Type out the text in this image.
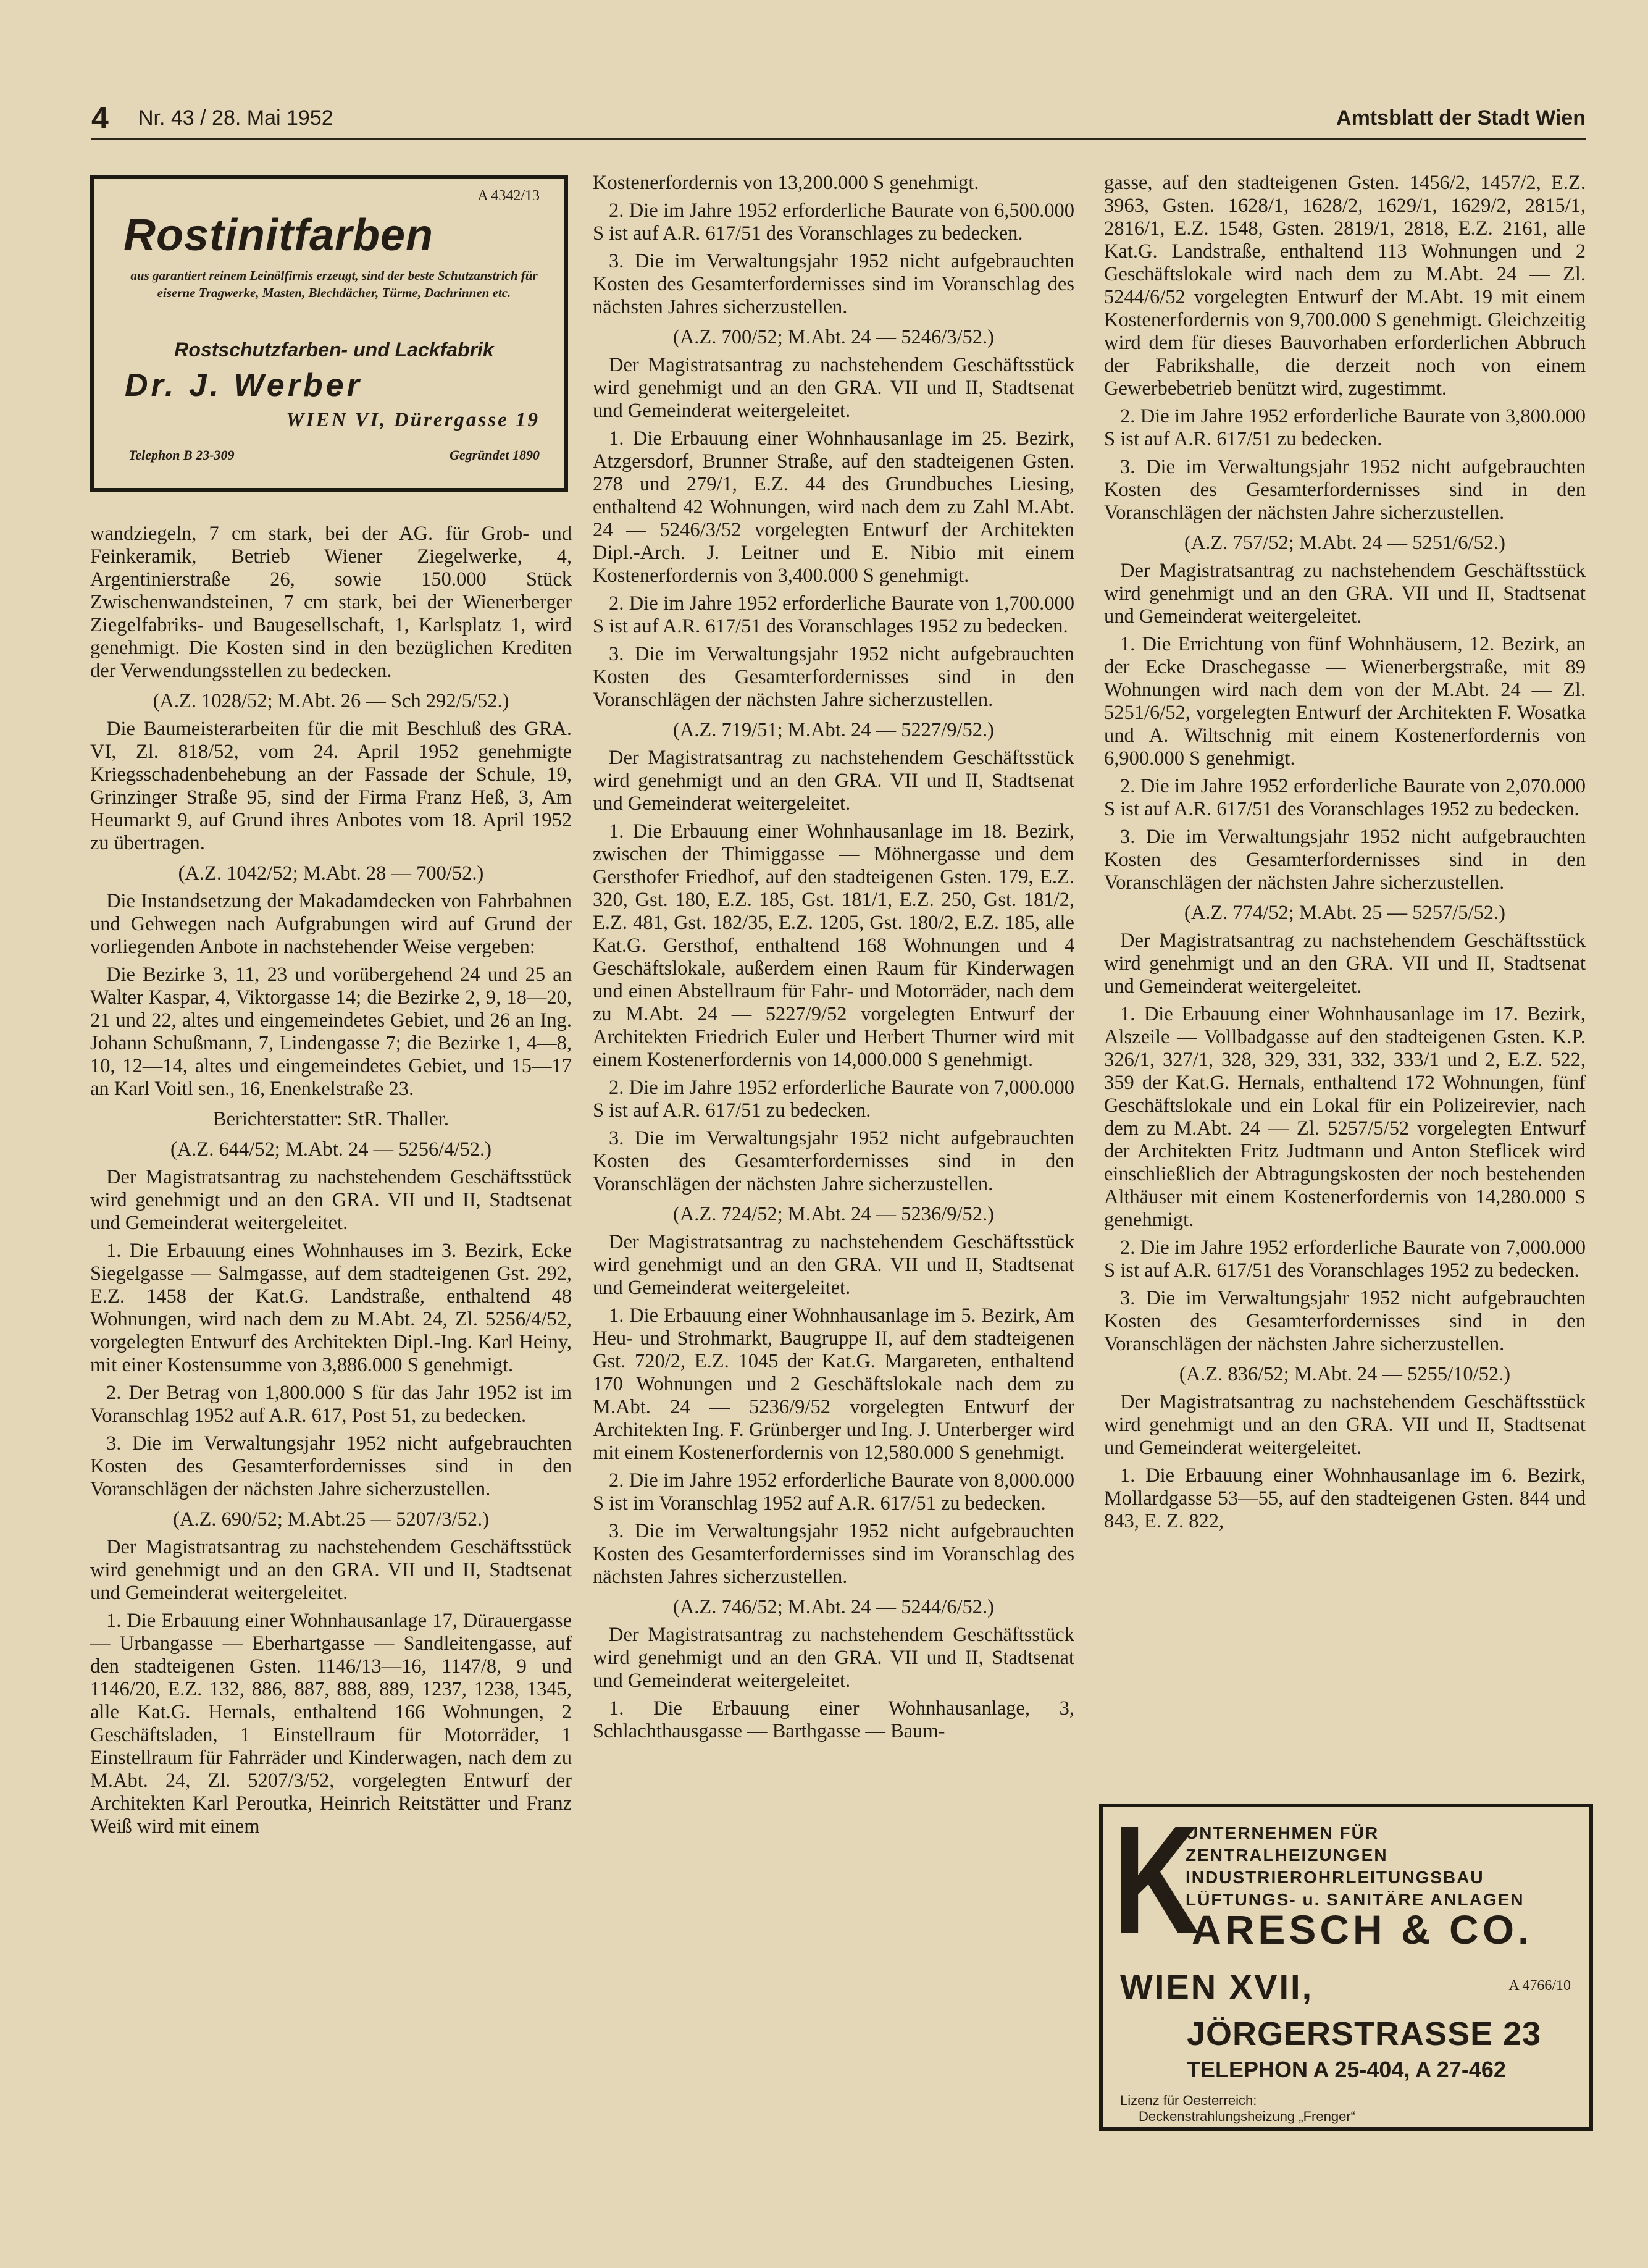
4 Nr. 43 / 28. Mai 1952	Amtsblatt der Stadt Wien
A 4342/13
Rostinitfarben
aus garantiert reinem Leinölfirnis erzeugt, sind der beste Schutzanstrich für eiserne Tragwerke, Masten, Blechdächer, Türme, Dachrinnen etc.
Rostschutzfarben- und Lackfabrik
Dr. J. Werber
WIEN VI, Dürergasse 19
Telephon B 23-309	Gegründet 1890

wandziegeln, 7 cm stark, bei der AG. für Grob- und Feinkeramik, Betrieb Wiener Ziegelwerke, 4, Argentinierstraße 26, sowie 150.000 Stück Zwischenwandsteinen, 7 cm stark, bei der Wienerberger Ziegelfabriks- und Baugesellschaft, 1, Karlsplatz 1, wird genehmigt. Die Kosten sind in den bezüglichen Krediten der Verwendungsstellen zu bedecken.

(A.Z. 1028/52; M.Abt. 26 — Sch 292/5/52.)

Die Baumeisterarbeiten für die mit Beschluß des GRA. VI, Zl. 818/52, vom 24. April 1952 genehmigte Kriegsschadenbehebung an der Fassade der Schule, 19, Grinzinger Straße 95, sind der Firma Franz Heß, 3, Am Heumarkt 9, auf Grund ihres Anbotes vom 18. April 1952 zu übertragen.

(A.Z. 1042/52; M.Abt. 28 — 700/52.)

Die Instandsetzung der Makadamdecken von Fahrbahnen und Gehwegen nach Aufgrabungen wird auf Grund der vorliegenden Anbote in nachstehender Weise vergeben:

Die Bezirke 3, 11, 23 und vorübergehend 24 und 25 an Walter Kaspar, 4, Viktorgasse 14; die Bezirke 2, 9, 18—20, 21 und 22, altes und eingemeindetes Gebiet, und 26 an Ing. Johann Schußmann, 7, Lindengasse 7; die Bezirke 1, 4—8, 10, 12—14, altes und eingemeindetes Gebiet, und 15—17 an Karl Voitl sen., 16, Enenkelstraße 23.

Berichterstatter: StR. Thaller.

(A.Z. 644/52; M.Abt. 24 — 5256/4/52.)

Der Magistratsantrag zu nachstehendem Geschäftsstück wird genehmigt und an den GRA. VII und II, Stadtsenat und Gemeinderat weitergeleitet.

1. Die Erbauung eines Wohnhauses im 3. Bezirk, Ecke Siegelgasse — Salmgasse, auf dem stadteigenen Gst. 292, E.Z. 1458 der Kat.G. Landstraße, enthaltend 48 Wohnungen, wird nach dem zu M.Abt. 24, Zl. 5256/4/52, vorgelegten Entwurf des Architekten Dipl.-Ing. Karl Heiny, mit einer Kostensumme von 3,886.000 S genehmigt.

2. Der Betrag von 1,800.000 S für das Jahr 1952 ist im Voranschlag 1952 auf A.R. 617, Post 51, zu bedecken.

3. Die im Verwaltungsjahr 1952 nicht aufgebrauchten Kosten des Gesamterfordernisses sind in den Voranschlägen der nächsten Jahre sicherzustellen.

(A.Z. 690/52; M.Abt.25 — 5207/3/52.)

Der Magistratsantrag zu nachstehendem Geschäftsstück wird genehmigt und an den GRA. VII und II, Stadtsenat und Gemeinderat weitergeleitet.

1. Die Erbauung einer Wohnhausanlage 17, Dürauergasse — Urbangasse — Eberhartgasse — Sandleitengasse, auf den stadteigenen Gsten. 1146/13—16, 1147/8, 9 und 1146/20, E.Z. 132, 886, 887, 888, 889, 1237, 1238, 1345, alle Kat.G. Hernals, enthaltend 166 Wohnungen, 2 Geschäftsladen, 1 Einstellraum für Motorräder, 1 Einstellraum für Fahrräder und Kinderwagen, nach dem zu M.Abt. 24, Zl. 5207/3/52, vorgelegten Entwurf der Architekten Karl Peroutka, Heinrich Reitstätter und Franz Weiß wird mit einem

Kostenerfordernis von 13,200.000 S genehmigt.

2. Die im Jahre 1952 erforderliche Baurate von 6,500.000 S ist auf A.R. 617/51 des Voranschlages zu bedecken.

3. Die im Verwaltungsjahr 1952 nicht aufgebrauchten Kosten des Gesamterfordernisses sind im Voranschlag des nächsten Jahres sicherzustellen.

(A.Z. 700/52; M.Abt. 24 — 5246/3/52.)

Der Magistratsantrag zu nachstehendem Geschäftsstück wird genehmigt und an den GRA. VII und II, Stadtsenat und Gemeinderat weitergeleitet.

1. Die Erbauung einer Wohnhausanlage im 25. Bezirk, Atzgersdorf, Brunner Straße, auf den stadteigenen Gsten. 278 und 279/1, E.Z. 44 des Grundbuches Liesing, enthaltend 42 Wohnungen, wird nach dem zu Zahl M.Abt. 24 — 5246/3/52 vorgelegten Entwurf der Architekten Dipl.-Arch. J. Leitner und E. Nibio mit einem Kostenerfordernis von 3,400.000 S genehmigt.

2. Die im Jahre 1952 erforderliche Baurate von 1,700.000 S ist auf A.R. 617/51 des Voranschlages 1952 zu bedecken.

3. Die im Verwaltungsjahr 1952 nicht aufgebrauchten Kosten des Gesamterfordernisses sind in den Voranschlägen der nächsten Jahre sicherzustellen.

(A.Z. 719/51; M.Abt. 24 — 5227/9/52.)

Der Magistratsantrag zu nachstehendem Geschäftsstück wird genehmigt und an den GRA. VII und II, Stadtsenat und Gemeinderat weitergeleitet.

1. Die Erbauung einer Wohnhausanlage im 18. Bezirk, zwischen der Thimiggasse — Möhnergasse und dem Gersthofer Friedhof, auf den stadteigenen Gsten. 179, E.Z. 320, Gst. 180, E.Z. 185, Gst. 181/1, E.Z. 250, Gst. 181/2, E.Z. 481, Gst. 182/35, E.Z. 1205, Gst. 180/2, E.Z. 185, alle Kat.G. Gersthof, enthaltend 168 Wohnungen und 4 Geschäftslokale, außerdem einen Raum für Kinderwagen und einen Abstellraum für Fahr- und Motorräder, nach dem zu M.Abt. 24 — 5227/9/52 vorgelegten Entwurf der Architekten Friedrich Euler und Herbert Thurner wird mit einem Kostenerfordernis von 14,000.000 S genehmigt.

2. Die im Jahre 1952 erforderliche Baurate von 7,000.000 S ist auf A.R. 617/51 zu bedecken.

3. Die im Verwaltungsjahr 1952 nicht aufgebrauchten Kosten des Gesamterfordernisses sind in den Voranschlägen der nächsten Jahre sicherzustellen.

(A.Z. 724/52; M.Abt. 24 — 5236/9/52.)

Der Magistratsantrag zu nachstehendem Geschäftsstück wird genehmigt und an den GRA. VII und II, Stadtsenat und Gemeinderat weitergeleitet.

1. Die Erbauung einer Wohnhausanlage im 5. Bezirk, Am Heu- und Strohmarkt, Baugruppe II, auf dem stadteigenen Gst. 720/2, E.Z. 1045 der Kat.G. Margareten, enthaltend 170 Wohnungen und 2 Geschäftslokale nach dem zu M.Abt. 24 — 5236/9/52 vorgelegten Entwurf der Architekten Ing. F. Grünberger und Ing. J. Unterberger wird mit einem Kostenerfordernis von 12,580.000 S genehmigt.

2. Die im Jahre 1952 erforderliche Baurate von 8,000.000 S ist im Voranschlag 1952 auf A.R. 617/51 zu bedecken.

3. Die im Verwaltungsjahr 1952 nicht aufgebrauchten Kosten des Gesamterfordernisses sind im Voranschlag des nächsten Jahres sicherzustellen.

(A.Z. 746/52; M.Abt. 24 — 5244/6/52.)

Der Magistratsantrag zu nachstehendem Geschäftsstück wird genehmigt und an den GRA. VII und II, Stadtsenat und Gemeinderat weitergeleitet.

1. Die Erbauung einer Wohnhausanlage, 3, Schlachthausgasse — Barthgasse — Baum-

gasse, auf den stadteigenen Gsten. 1456/2, 1457/2, E.Z. 3963, Gsten. 1628/1, 1628/2, 1629/1, 1629/2, 2815/1, 2816/1, E.Z. 1548, Gsten. 2819/1, 2818, E.Z. 2161, alle Kat.G. Landstraße, enthaltend 113 Wohnungen und 2 Geschäftslokale wird nach dem zu M.Abt. 24 — Zl. 5244/6/52 vorgelegten Entwurf der M.Abt. 19 mit einem Kostenerfordernis von 9,700.000 S genehmigt. Gleichzeitig wird dem für dieses Bauvorhaben erforderlichen Abbruch der Fabrikshalle, die derzeit noch von einem Gewerbebetrieb benützt wird, zugestimmt.

2. Die im Jahre 1952 erforderliche Baurate von 3,800.000 S ist auf A.R. 617/51 zu bedecken.

3. Die im Verwaltungsjahr 1952 nicht aufgebrauchten Kosten des Gesamterfordernisses sind in den Voranschlägen der nächsten Jahre sicherzustellen.

(A.Z. 757/52; M.Abt. 24 — 5251/6/52.)

Der Magistratsantrag zu nachstehendem Geschäftsstück wird genehmigt und an den GRA. VII und II, Stadtsenat und Gemeinderat weitergeleitet.

1. Die Errichtung von fünf Wohnhäusern, 12. Bezirk, an der Ecke Draschegasse — Wienerbergstraße, mit 89 Wohnungen wird nach dem von der M.Abt. 24 — Zl. 5251/6/52, vorgelegten Entwurf der Architekten F. Wosatka und A. Wiltschnig mit einem Kostenerfordernis von 6,900.000 S genehmigt.

2. Die im Jahre 1952 erforderliche Baurate von 2,070.000 S ist auf A.R. 617/51 des Voranschlages 1952 zu bedecken.

3. Die im Verwaltungsjahr 1952 nicht aufgebrauchten Kosten des Gesamterfordernisses sind in den Voranschlägen der nächsten Jahre sicherzustellen.

(A.Z. 774/52; M.Abt. 25 — 5257/5/52.)

Der Magistratsantrag zu nachstehendem Geschäftsstück wird genehmigt und an den GRA. VII und II, Stadtsenat und Gemeinderat weitergeleitet.

1. Die Erbauung einer Wohnhausanlage im 17. Bezirk, Alszeile — Vollbadgasse auf den stadteigenen Gsten. K.P. 326/1, 327/1, 328, 329, 331, 332, 333/1 und 2, E.Z. 522, 359 der Kat.G. Hernals, enthaltend 172 Wohnungen, fünf Geschäftslokale und ein Lokal für ein Polizeirevier, nach dem zu M.Abt. 24 — Zl. 5257/5/52 vorgelegten Entwurf der Architekten Fritz Judtmann und Anton Steflicek wird einschließlich der Abtragungskosten der noch bestehenden Althäuser mit einem Kostenerfordernis von 14,280.000 S genehmigt.

2. Die im Jahre 1952 erforderliche Baurate von 7,000.000 S ist auf A.R. 617/51 des Voranschlages 1952 zu bedecken.

3. Die im Verwaltungsjahr 1952 nicht aufgebrauchten Kosten des Gesamterfordernisses sind in den Voranschlägen der nächsten Jahre sicherzustellen.

(A.Z. 836/52; M.Abt. 24 — 5255/10/52.)

Der Magistratsantrag zu nachstehendem Geschäftsstück wird genehmigt und an den GRA. VII und II, Stadtsenat und Gemeinderat weitergeleitet.

1. Die Erbauung einer Wohnhausanlage im 6. Bezirk, Mollardgasse 53—55, auf den stadteigenen Gsten. 844 und 843, E. Z. 822,

K
UNTERNEHMEN FÜR
ZENTRALHEIZUNGEN
INDUSTRIEROHRLEITUNGSBAU
LÜFTUNGS- u. SANITÄRE ANLAGEN
ARESCH & CO.
WIEN XVII,	A 4766/10
JÖRGERSTRASSE 23
TELEPHON A 25-404, A 27-462
Lizenz für Oesterreich:
Deckenstrahlungsheizung „Frenger“
